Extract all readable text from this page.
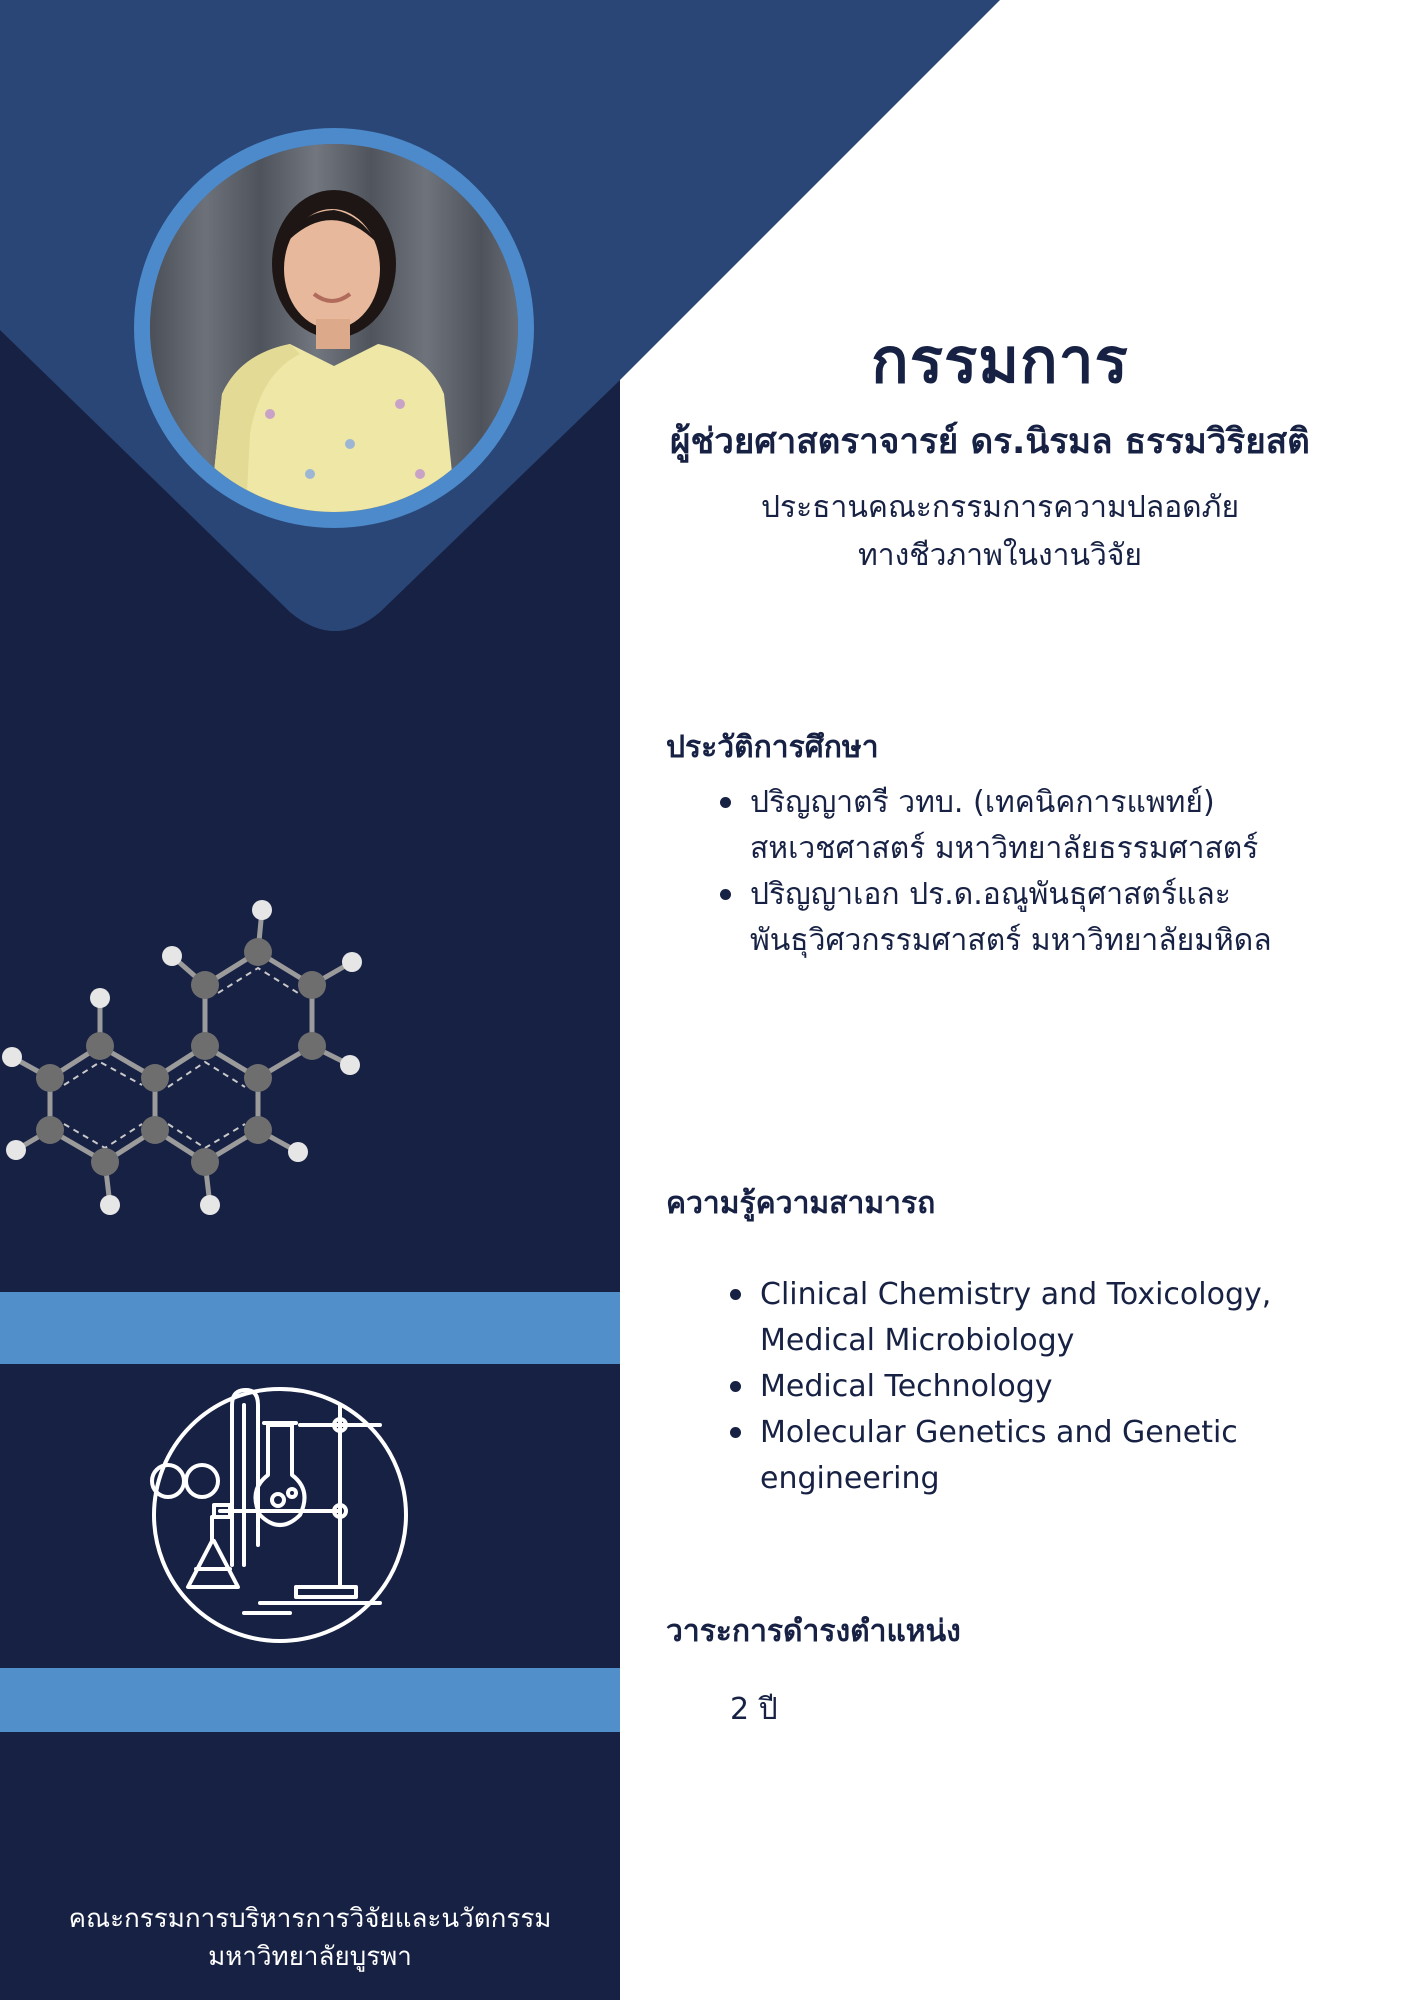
คณะกรรมการบริหารการวิจัยและนวัตกรรม
มหาวิทยาลัยบูรพา
กรรมการ
ผู้ช่วยศาสตราจารย์ ดร.นิรมล ธรรมวิริยสติ
ประธานคณะกรรมการความปลอดภัย
ทางชีวภาพในงานวิจัย
ประวัติการศึกษา
ปริญญาตรี วทบ. (เทคนิคการแพทย์)
สหเวชศาสตร์ มหาวิทยาลัยธรรมศาสตร์
ปริญญาเอก ปร.ด.อณูพันธุศาสตร์และ
พันธุวิศวกรรมศาสตร์ มหาวิทยาลัยมหิดล
ความรู้ความสามารถ
Clinical Chemistry and Toxicology,
Medical Microbiology
Medical Technology
Molecular Genetics and Genetic
engineering
วาระการดำรงตำแหน่ง
2 ปี
